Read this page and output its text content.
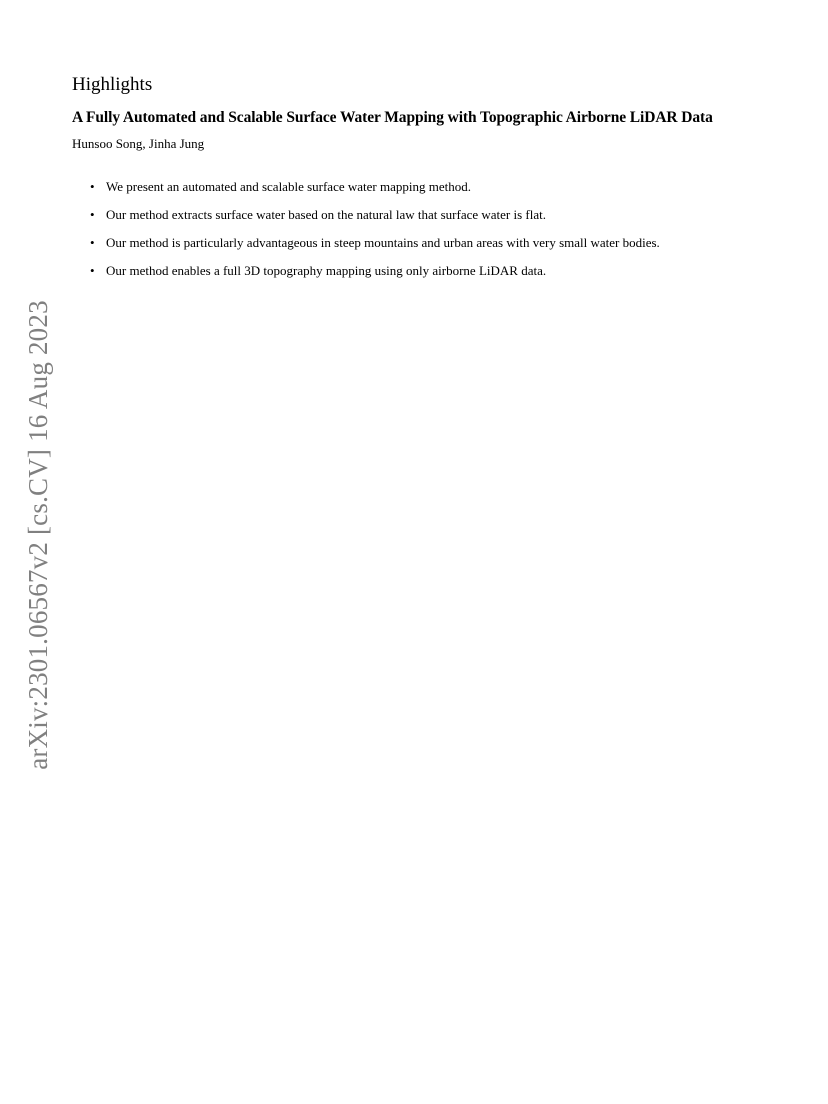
Highlights
A Fully Automated and Scalable Surface Water Mapping with Topographic Airborne LiDAR Data
Hunsoo Song, Jinha Jung
• We present an automated and scalable surface water mapping method.
• Our method extracts surface water based on the natural law that surface water is flat.
• Our method is particularly advantageous in steep mountains and urban areas with very small water bodies.
• Our method enables a full 3D topography mapping using only airborne LiDAR data.
arXiv:2301.06567v2 [cs.CV] 16 Aug 2023
